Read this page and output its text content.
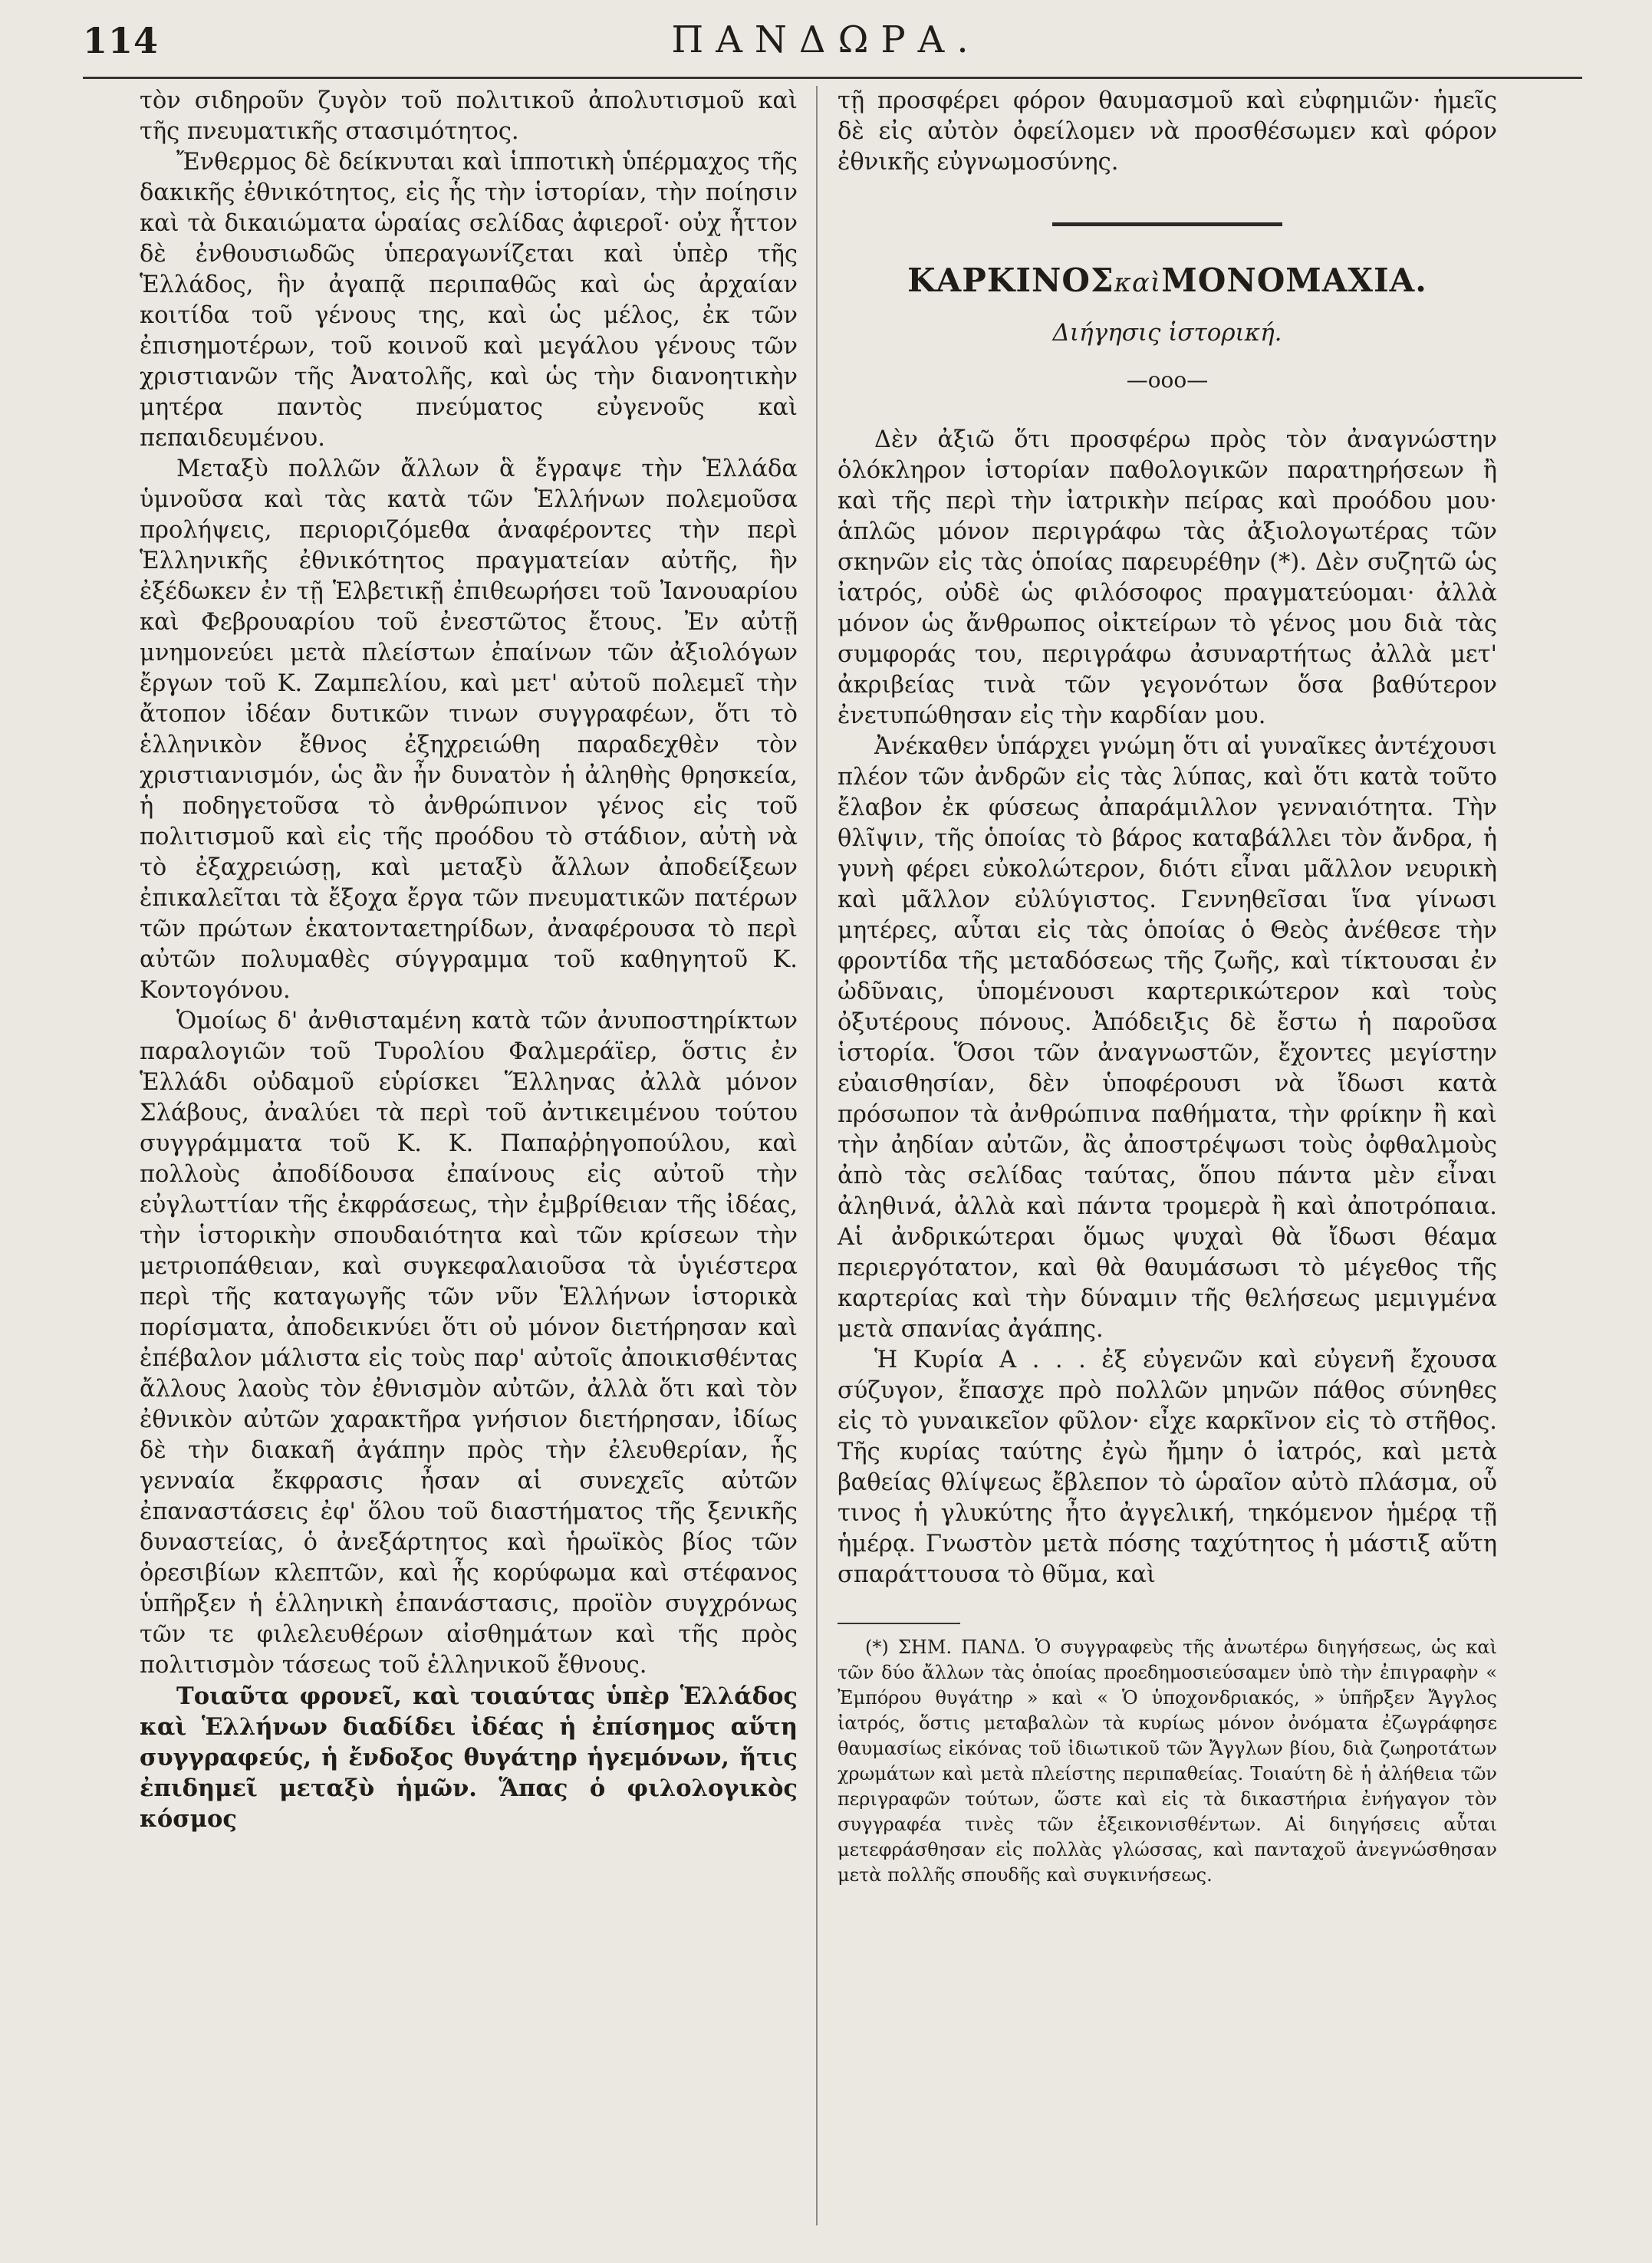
114	ΠΑΝΔΩΡΑ.

τὸν σιδηροῦν ζυγὸν τοῦ πολιτικοῦ ἀπολυτισμοῦ καὶ τῆς πνευματικῆς στασιμότητος.

Ἔνθερμος δὲ δείκνυται καὶ ἱπποτικὴ ὑπέρμαχος τῆς δακικῆς ἐθνικότητος, εἰς ἧς τὴν ἱστορίαν, τὴν ποίησιν καὶ τὰ δικαιώματα ὡραίας σελίδας ἀφιεροῖ· οὐχ ἧττον δὲ ἐνθουσιωδῶς ὑπεραγωνίζεται καὶ ὑπὲρ τῆς Ἑλλάδος, ἣν ἀγαπᾷ περιπαθῶς καὶ ὡς ἀρχαίαν κοιτίδα τοῦ γένους της, καὶ ὡς μέλος, ἐκ τῶν ἐπισημοτέρων, τοῦ κοινοῦ καὶ μεγάλου γένους τῶν χριστιανῶν τῆς Ἀνατολῆς, καὶ ὡς τὴν διανοητικὴν μητέρα παντὸς πνεύματος εὐγενοῦς καὶ πεπαιδευμένου.

Μεταξὺ πολλῶν ἄλλων ἃ ἔγραψε τὴν Ἑλλάδα ὑμνοῦσα καὶ τὰς κατὰ τῶν Ἑλλήνων πολεμοῦσα προλήψεις, περιοριζόμεθα ἀναφέροντες τὴν περὶ Ἑλληνικῆς ἐθνικότητος πραγματείαν αὐτῆς, ἣν ἐξέδωκεν ἐν τῇ Ἑλβετικῇ ἐπιθεωρήσει τοῦ Ἰανουαρίου καὶ Φεβρουαρίου τοῦ ἐνεστῶτος ἔτους. Ἐν αὐτῇ μνημονεύει μετὰ πλείστων ἐπαίνων τῶν ἀξιολόγων ἔργων τοῦ Κ. Ζαμπελίου, καὶ μετ' αὐτοῦ πολεμεῖ τὴν ἄτοπον ἰδέαν δυτικῶν τινων συγγραφέων, ὅτι τὸ ἑλληνικὸν ἔθνος ἐξηχρειώθη παραδεχθὲν τὸν χριστιανισμόν, ὡς ἂν ἦν δυνατὸν ἡ ἀληθὴς θρησκεία, ἡ ποδηγετοῦσα τὸ ἀνθρώπινον γένος εἰς τοῦ πολιτισμοῦ καὶ εἰς τῆς προόδου τὸ στάδιον, αὐτὴ νὰ τὸ ἐξαχρειώσῃ, καὶ μεταξὺ ἄλλων ἀποδείξεων ἐπικαλεῖται τὰ ἔξοχα ἔργα τῶν πνευματικῶν πατέρων τῶν πρώτων ἑκατονταετηρίδων, ἀναφέρουσα τὸ περὶ αὐτῶν πολυμαθὲς σύγγραμμα τοῦ καθηγητοῦ Κ. Κοντογόνου.

Ὁμοίως δ' ἀνθισταμένη κατὰ τῶν ἀνυποστηρίκτων παραλογιῶν τοῦ Τυρολίου Φαλμεράϊερ, ὅστις ἐν Ἑλλάδι οὐδαμοῦ εὑρίσκει Ἕλληνας ἀλλὰ μόνον Σλάβους, ἀναλύει τὰ περὶ τοῦ ἀντικειμένου τούτου συγγράμματα τοῦ Κ. Κ. Παπαῤῥηγοπούλου, καὶ πολλοὺς ἀποδίδουσα ἐπαίνους εἰς αὐτοῦ τὴν εὐγλωττίαν τῆς ἐκφράσεως, τὴν ἐμβρίθειαν τῆς ἰδέας, τὴν ἱστορικὴν σπουδαιότητα καὶ τῶν κρίσεων τὴν μετριοπάθειαν, καὶ συγκεφαλαιοῦσα τὰ ὑγιέστερα περὶ τῆς καταγωγῆς τῶν νῦν Ἑλλήνων ἱστορικὰ πορίσματα, ἀποδεικνύει ὅτι οὐ μόνον διετήρησαν καὶ ἐπέβαλον μάλιστα εἰς τοὺς παρ' αὐτοῖς ἀποικισθέντας ἄλλους λαοὺς τὸν ἐθνισμὸν αὐτῶν, ἀλλὰ ὅτι καὶ τὸν ἐθνικὸν αὐτῶν χαρακτῆρα γνήσιον διετήρησαν, ἰδίως δὲ τὴν διακαῆ ἀγάπην πρὸς τὴν ἐλευθερίαν, ἧς γενναία ἔκφρασις ἦσαν αἱ συνεχεῖς αὐτῶν ἐπαναστάσεις ἐφ' ὅλου τοῦ διαστήματος τῆς ξενικῆς δυναστείας, ὁ ἀνεξάρτητος καὶ ἡρωϊκὸς βίος τῶν ὀρεσιβίων κλεπτῶν, καὶ ἧς κορύφωμα καὶ στέφανος ὑπῆρξεν ἡ ἑλληνικὴ ἐπανάστασις, προϊὸν συγχρόνως τῶν τε φιλελευθέρων αἰσθημάτων καὶ τῆς πρὸς πολιτισμὸν τάσεως τοῦ ἑλληνικοῦ ἔθνους.

Τοιαῦτα φρονεῖ, καὶ τοιαύτας ὑπὲρ Ἑλλάδος καὶ Ἑλλήνων διαδίδει ἰδέας ἡ ἐπίσημος αὕτη συγγραφεύς, ἡ ἔνδοξος θυγάτηρ ἡγεμόνων, ἥτις ἐπιδημεῖ μεταξὺ ἡμῶν. Ἅπας ὁ φιλολογικὸς κόσμος

τῇ προσφέρει φόρον θαυμασμοῦ καὶ εὐφημιῶν· ἡμεῖς δὲ εἰς αὐτὸν ὀφείλομεν νὰ προσθέσωμεν καὶ φόρον ἐθνικῆς εὐγνωμοσύνης.

ΚΑΡΚΙΝΟΣκαὶΜΟΝΟΜΑΧΙΑ.
Διήγησις ἱστορική.
—οοο—

Δὲν ἀξιῶ ὅτι προσφέρω πρὸς τὸν ἀναγνώστην ὁλόκληρον ἱστορίαν παθολογικῶν παρατηρήσεων ἢ καὶ τῆς περὶ τὴν ἰατρικὴν πείρας καὶ προόδου μου· ἁπλῶς μόνον περιγράφω τὰς ἀξιολογωτέρας τῶν σκηνῶν εἰς τὰς ὁποίας παρευρέθην (*). Δὲν συζητῶ ὡς ἰατρός, οὐδὲ ὡς φιλόσοφος πραγματεύομαι· ἀλλὰ μόνον ὡς ἄνθρωπος οἰκτείρων τὸ γένος μου διὰ τὰς συμφοράς του, περιγράφω ἀσυναρτήτως ἀλλὰ μετ' ἀκριβείας τινὰ τῶν γεγονότων ὅσα βαθύτερον ἐνετυπώθησαν εἰς τὴν καρδίαν μου.

Ἀνέκαθεν ὑπάρχει γνώμη ὅτι αἱ γυναῖκες ἀντέχουσι πλέον τῶν ἀνδρῶν εἰς τὰς λύπας, καὶ ὅτι κατὰ τοῦτο ἔλαβον ἐκ φύσεως ἀπαράμιλλον γενναιότητα. Τὴν θλῖψιν, τῆς ὁποίας τὸ βάρος καταβάλλει τὸν ἄνδρα, ἡ γυνὴ φέρει εὐκολώτερον, διότι εἶναι μᾶλλον νευρικὴ καὶ μᾶλλον εὐλύγιστος. Γεννηθεῖσαι ἵνα γίνωσι μητέρες, αὗται εἰς τὰς ὁποίας ὁ Θεὸς ἀνέθεσε τὴν φροντίδα τῆς μεταδόσεως τῆς ζωῆς, καὶ τίκτουσαι ἐν ὠδῦναις, ὑπομένουσι καρτερικώτερον καὶ τοὺς ὀξυτέρους πόνους. Ἀπόδειξις δὲ ἔστω ἡ παροῦσα ἱστορία. Ὅσοι τῶν ἀναγνωστῶν, ἔχοντες μεγίστην εὐαισθησίαν, δὲν ὑποφέρουσι νὰ ἴδωσι κατὰ πρόσωπον τὰ ἀνθρώπινα παθήματα, τὴν φρίκην ἢ καὶ τὴν ἀηδίαν αὐτῶν, ἂς ἀποστρέψωσι τοὺς ὀφθαλμοὺς ἀπὸ τὰς σελίδας ταύτας, ὅπου πάντα μὲν εἶναι ἀληθινά, ἀλλὰ καὶ πάντα τρομερὰ ἢ καὶ ἀποτρόπαια. Αἱ ἀνδρικώτεραι ὅμως ψυχαὶ θὰ ἴδωσι θέαμα περιεργότατον, καὶ θὰ θαυμάσωσι τὸ μέγεθος τῆς καρτερίας καὶ τὴν δύναμιν τῆς θελήσεως μεμιγμένα μετὰ σπανίας ἀγάπης.

Ἡ Κυρία Α . . . ἐξ εὐγενῶν καὶ εὐγενῆ ἔχουσα σύζυγον, ἔπασχε πρὸ πολλῶν μηνῶν πάθος σύνηθες εἰς τὸ γυναικεῖον φῦλον· εἶχε καρκῖνον εἰς τὸ στῆθος. Τῆς κυρίας ταύτης ἐγὼ ἤμην ὁ ἰατρός, καὶ μετὰ βαθείας θλίψεως ἔβλεπον τὸ ὡραῖον αὐτὸ πλάσμα, οὗ τινος ἡ γλυκύτης ἦτο ἀγγελική, τηκόμενον ἡμέρᾳ τῇ ἡμέρᾳ. Γνωστὸν μετὰ πόσης ταχύτητος ἡ μάστιξ αὕτη σπαράττουσα τὸ θῦμα, καὶ

(*) ΣΗΜ. ΠΑΝΔ. Ὁ συγγραφεὺς τῆς ἀνωτέρω διηγήσεως, ὡς καὶ τῶν δύο ἄλλων τὰς ὁποίας προεδημοσιεύσαμεν ὑπὸ τὴν ἐπιγραφὴν « Ἐμπόρου θυγάτηρ » καὶ « Ὁ ὑποχονδριακός, » ὑπῆρξεν Ἄγγλος ἰατρός, ὅστις μεταβαλὼν τὰ κυρίως μόνον ὀνόματα ἐζωγράφησε θαυμασίως εἰκόνας τοῦ ἰδιωτικοῦ τῶν Ἄγγλων βίου, διὰ ζωηροτάτων χρωμάτων καὶ μετὰ πλείστης περιπαθείας. Τοιαύτη δὲ ἡ ἀλήθεια τῶν περιγραφῶν τούτων, ὥστε καὶ εἰς τὰ δικαστήρια ἐνήγαγον τὸν συγγραφέα τινὲς τῶν ἐξεικονισθέντων. Αἱ διηγήσεις αὗται μετεφράσθησαν εἰς πολλὰς γλώσσας, καὶ πανταχοῦ ἀνεγνώσθησαν μετὰ πολλῆς σπουδῆς καὶ συγκινήσεως.
